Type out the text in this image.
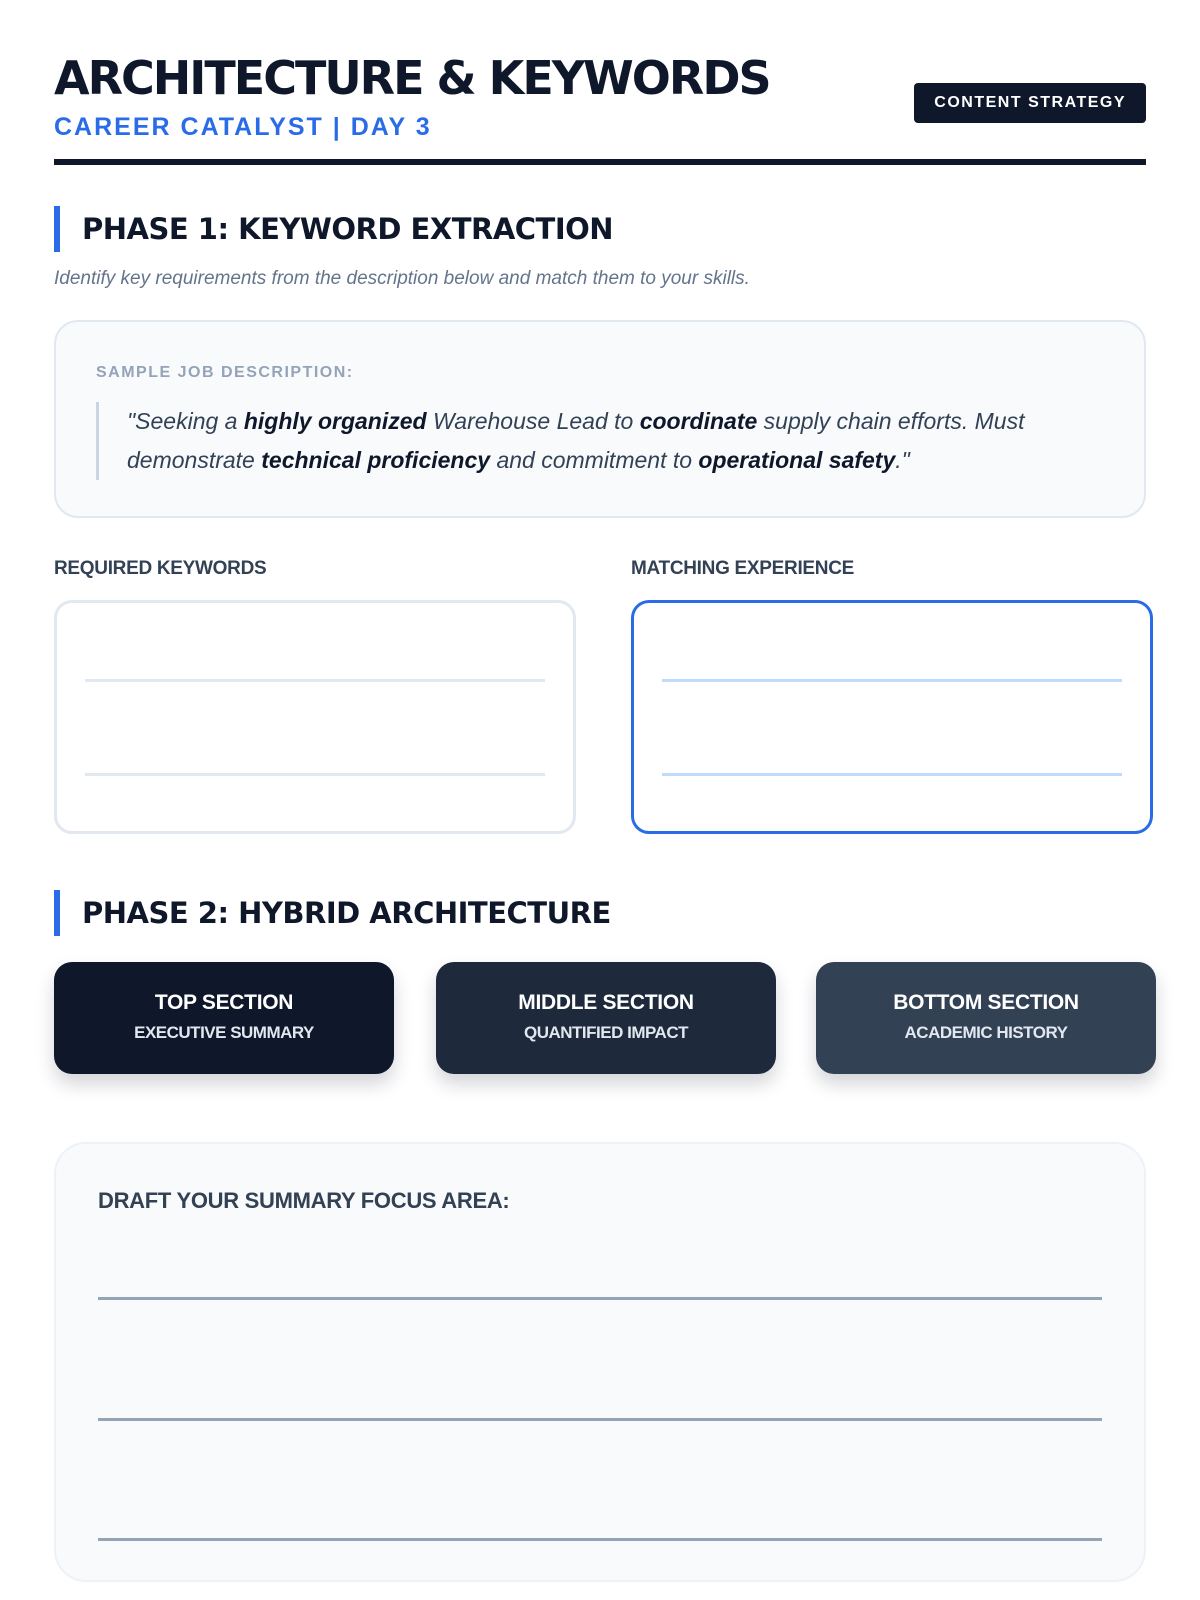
ARCHITECTURE & KEYWORDS
CAREER CATALYST | DAY 3
CONTENT STRATEGY
PHASE 1: KEYWORD EXTRACTION
Identify key requirements from the description below and match them to your skills.
SAMPLE JOB DESCRIPTION:
"Seeking a highly organized Warehouse Lead to coordinate supply chain efforts. Must demonstrate technical proficiency and commitment to operational safety."
REQUIRED KEYWORDS	MATCHING EXPERIENCE
PHASE 2: HYBRID ARCHITECTURE
TOP SECTION
EXECUTIVE SUMMARY
MIDDLE SECTION
QUANTIFIED IMPACT
BOTTOM SECTION
ACADEMIC HISTORY
DRAFT YOUR SUMMARY FOCUS AREA:
